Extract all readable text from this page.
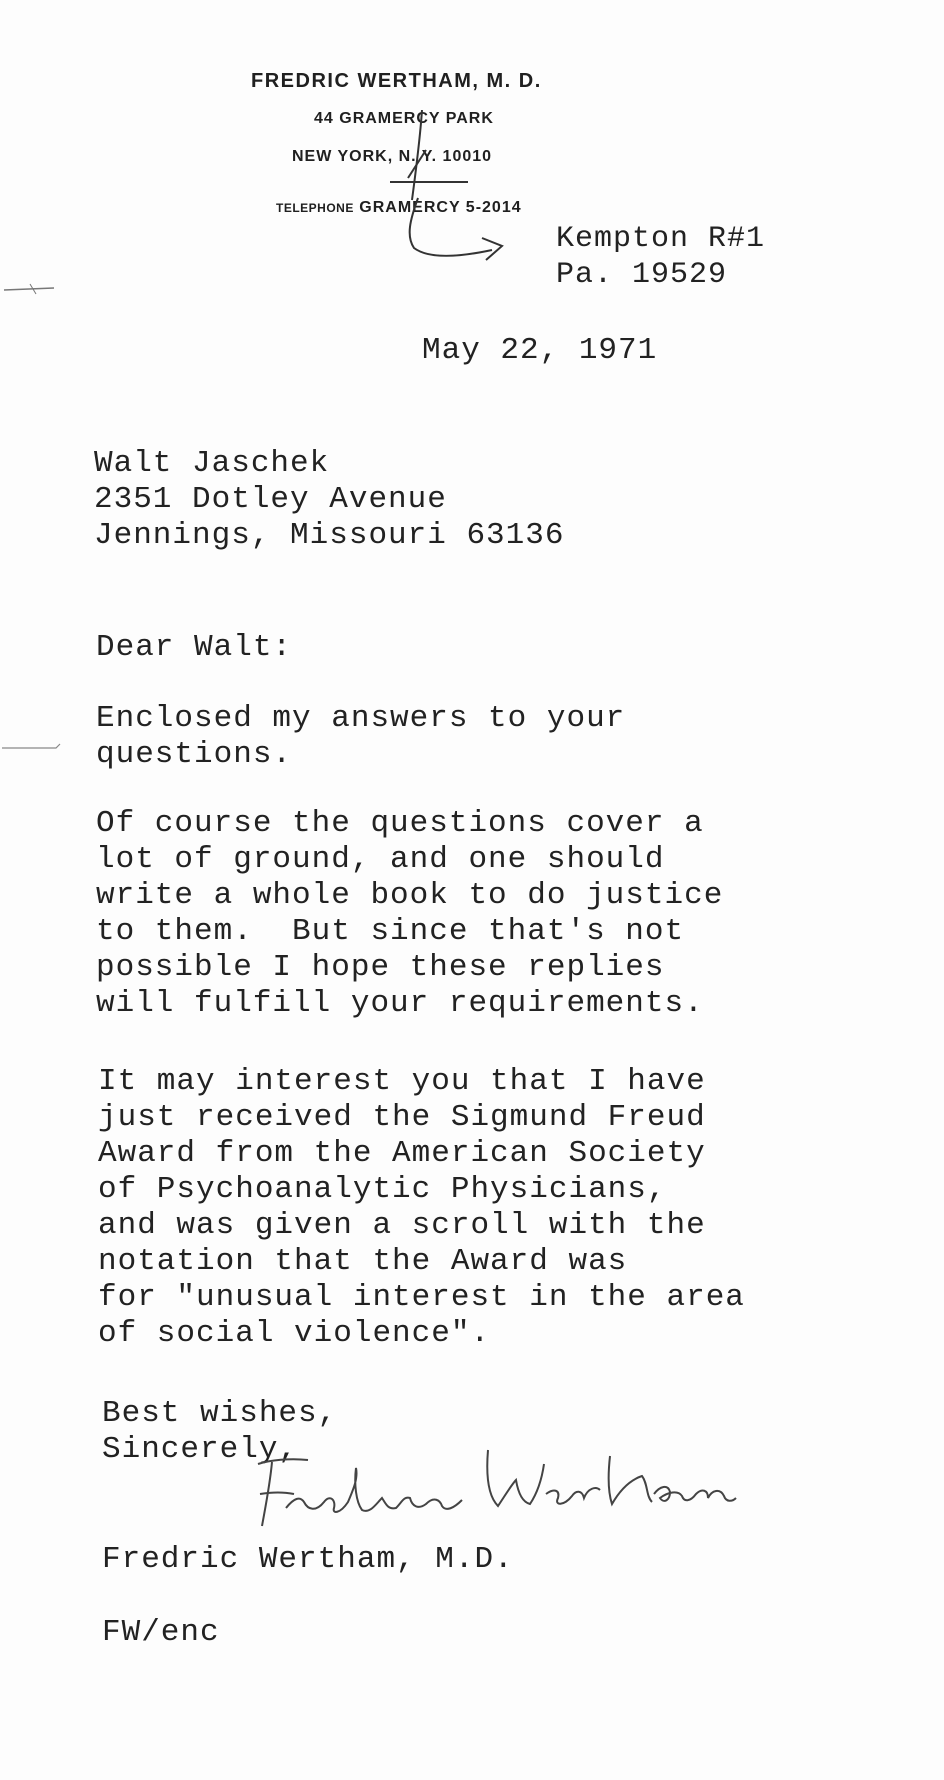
FREDRIC WERTHAM, M. D.
44 GRAMERCY PARK
NEW YORK, N. Y. 10010
TELEPHONE GRAMERCY 5-2014
Kempton R#1
Pa. 19529
May 22, 1971
Walt Jaschek
2351 Dotley Avenue
Jennings, Missouri 63136
Dear Walt:
Enclosed my answers to your
questions.
Of course the questions cover a
lot of ground, and one should
write a whole book to do justice
to them.  But since that's not
possible I hope these replies
will fulfill your requirements.
It may interest you that I have
just received the Sigmund Freud
Award from the American Society
of Psychoanalytic Physicians,
and was given a scroll with the
notation that the Award was
for "unusual interest in the area
of social violence".
Best wishes,
Sincerely,
Fredric Wertham, M.D.
FW/enc
